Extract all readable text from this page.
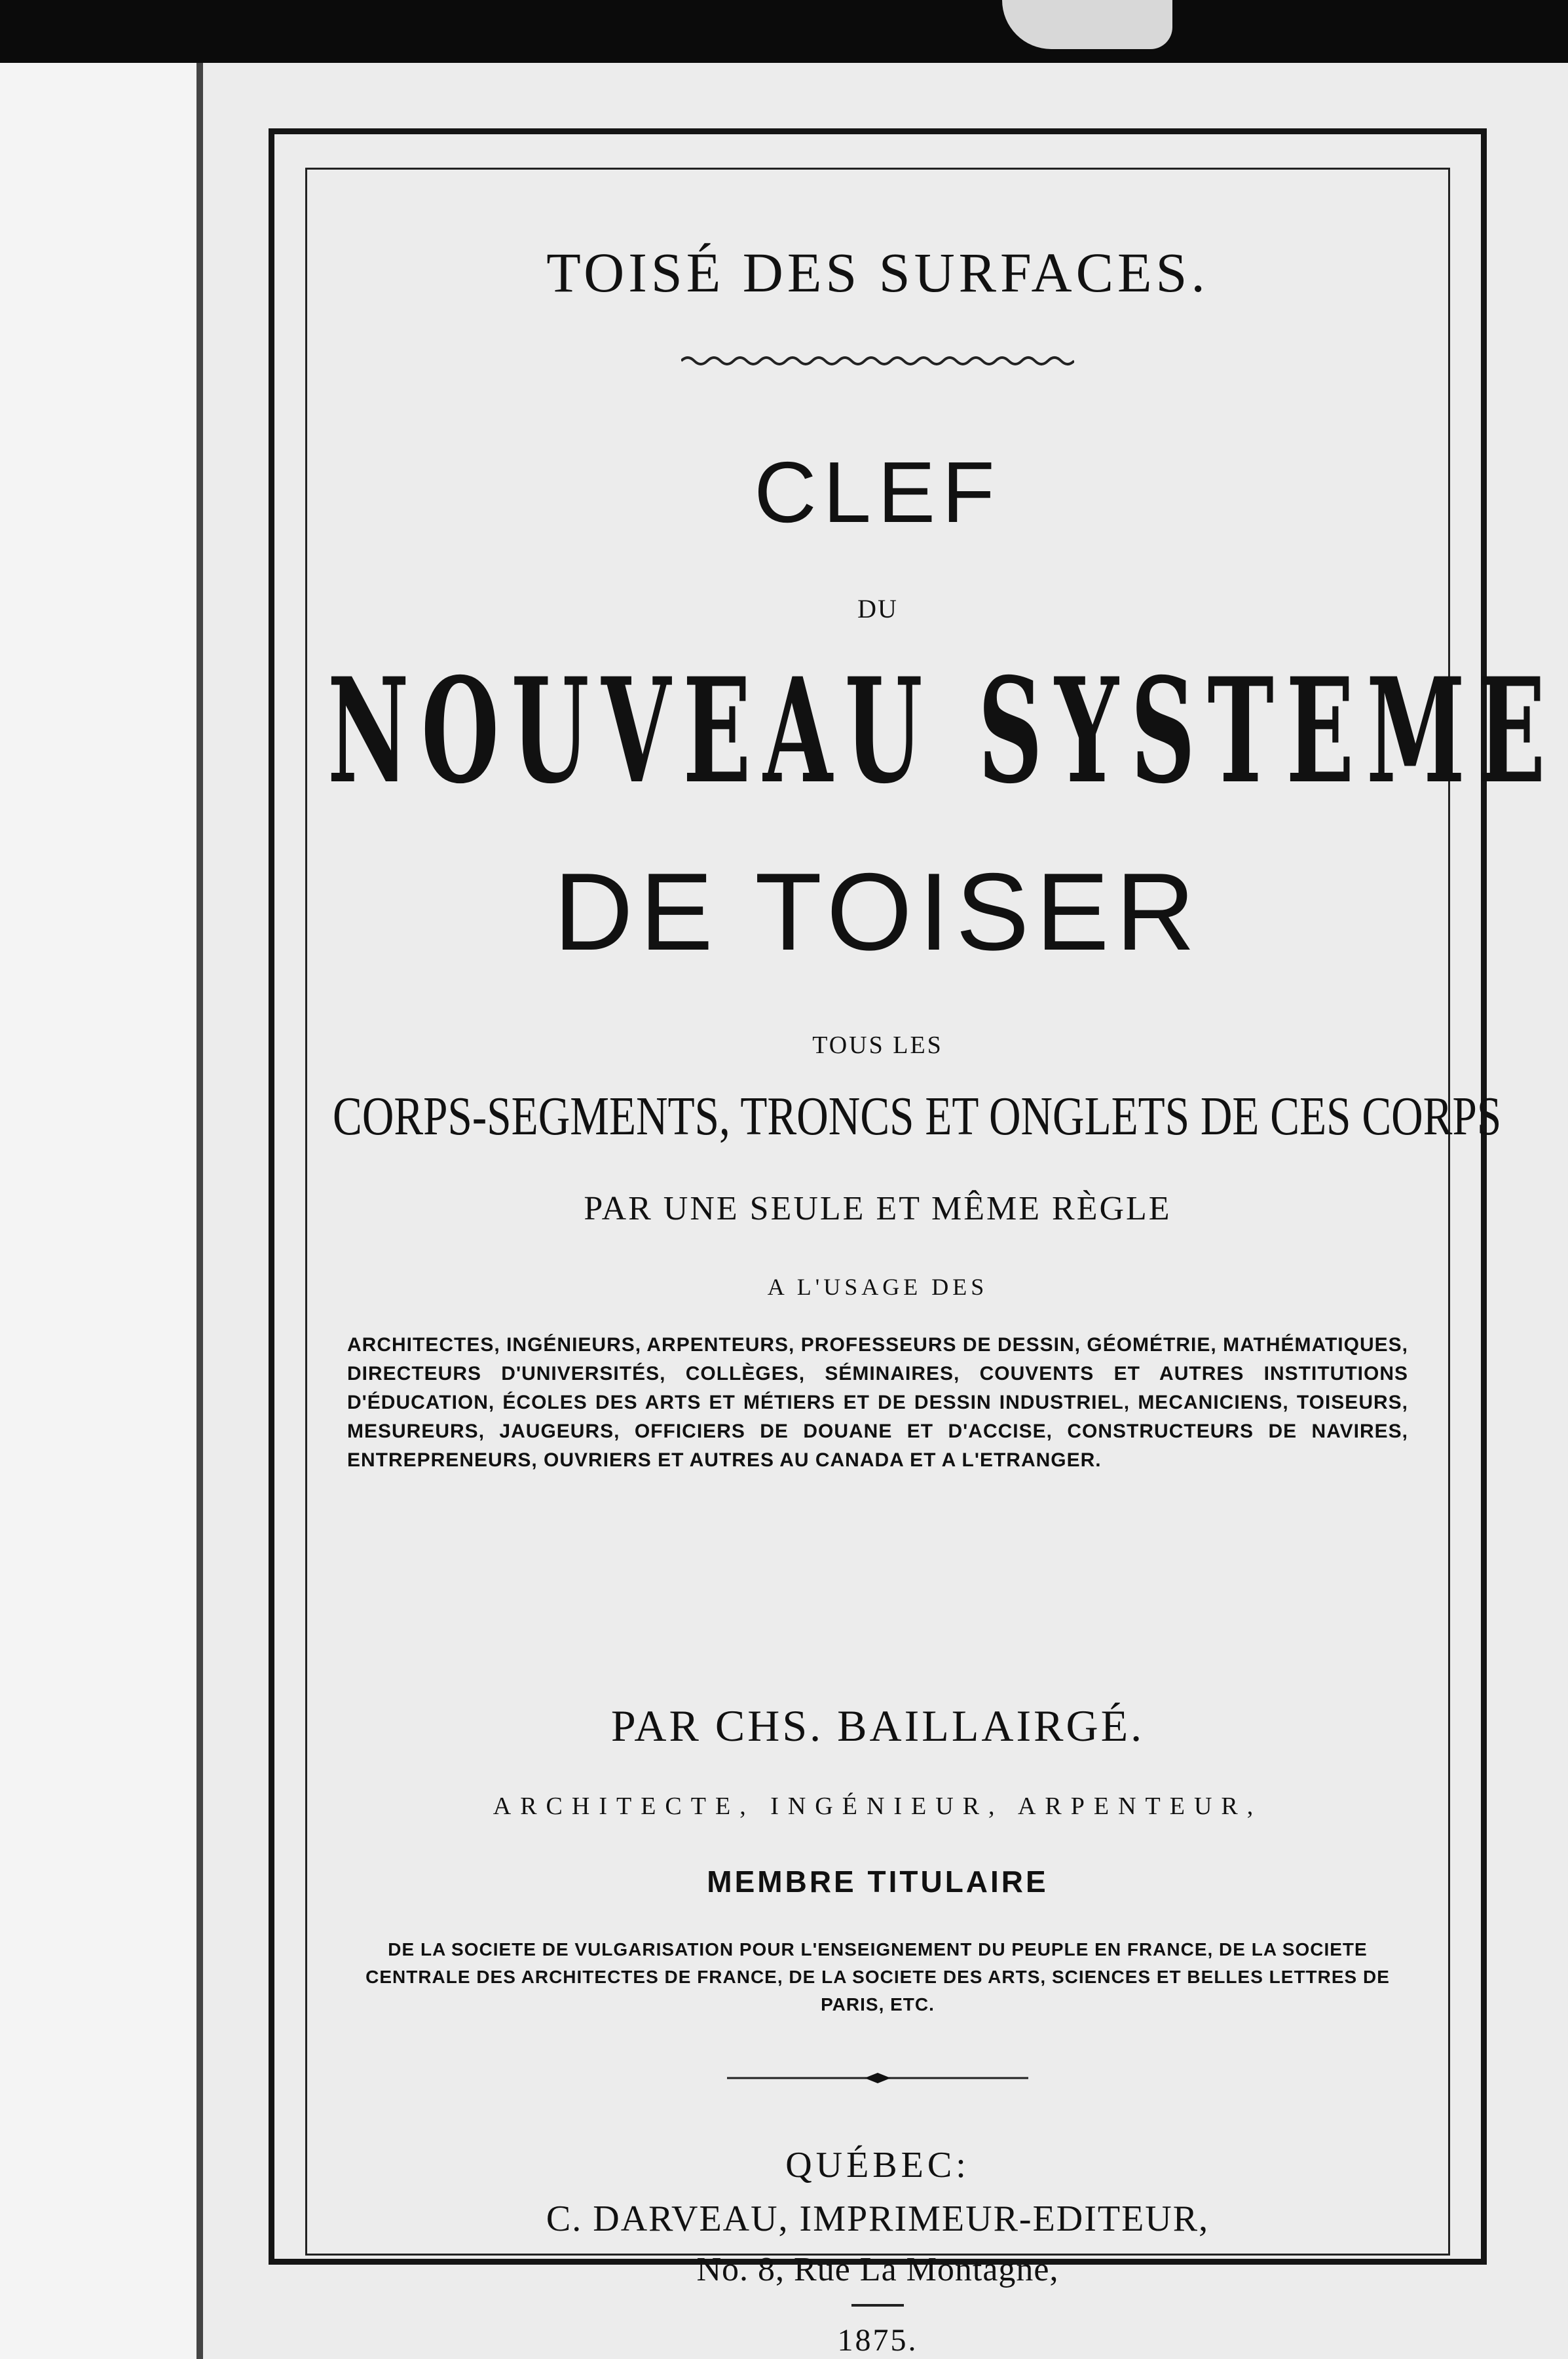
TOISÉ DES SURFACES.
CLEF
DU
NOUVEAU SYSTEME
DE TOISER
TOUS LES
CORPS-SEGMENTS, TRONCS ET ONGLETS DE CES CORPS
PAR UNE SEULE ET MÊME RÈGLE
A L'USAGE DES
ARCHITECTES, INGÉNIEURS, ARPENTEURS, PROFESSEURS DE DESSIN, GÉOMÉTRIE, MATHÉMATIQUES, DIRECTEURS D'UNIVERSITÉS, COLLÈGES, SÉMINAIRES, COUVENTS ET AUTRES INSTITUTIONS D'ÉDUCATION, ÉCOLES DES ARTS ET MÉTIERS ET DE DESSIN INDUSTRIEL, MECANICIENS, TOISEURS, MESUREURS, JAUGEURS, OFFICIERS DE DOUANE ET D'ACCISE, CONSTRUCTEURS DE NAVIRES, ENTREPRENEURS, OUVRIERS ET AUTRES AU CANADA ET A L'ETRANGER.
PAR CHS. BAILLAIRGÉ.
ARCHITECTE, INGÉNIEUR, ARPENTEUR,
MEMBRE TITULAIRE
DE LA SOCIETE DE VULGARISATION POUR L'ENSEIGNEMENT DU PEUPLE EN FRANCE, DE LA SOCIETE CENTRALE DES ARCHITECTES DE FRANCE, DE LA SOCIETE DES ARTS, SCIENCES ET BELLES LETTRES DE PARIS, ETC.
QUÉBEC:
C. DARVEAU, IMPRIMEUR-EDITEUR,
No. 8, Rue La Montagne,
1875.
